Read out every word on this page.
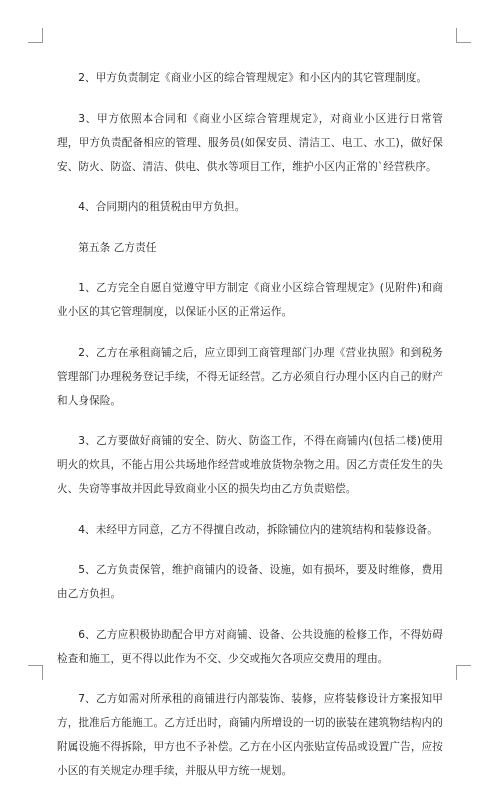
2、甲方负责制定《商业小区的综合管理规定》和小区内的其它管理制度。

3、甲方依照本合同和《商业小区综合管理规定》，对商业小区进行日常管理，甲方负责配备相应的管理、服务员(如保安员、清洁工、电工、水工)，做好保安、防火、防盗、清洁、供电、供水等项目工作，维护小区内正常的`经营秩序。

4、合同期内的租赁税由甲方负担。

第五条 乙方责任

1、乙方完全自愿自觉遵守甲方制定《商业小区综合管理规定》(见附件)和商业小区的其它管理制度，以保证小区的正常运作。

2、乙方在承租商铺之后，应立即到工商管理部门办理《营业执照》和到税务管理部门办理税务登记手续，不得无证经营。乙方必须自行办理小区内自己的财产和人身保险。

3、乙方要做好商铺的安全、防火、防盗工作，不得在商铺内(包括二楼)使用明火的炊具，不能占用公共场地作经营或堆放货物杂物之用。因乙方责任发生的失火、失窃等事故并因此导致商业小区的损失均由乙方负责赔偿。

4、未经甲方同意，乙方不得擅自改动，拆除铺位内的建筑结构和装修设备。

5、乙方负责保管，维护商铺内的设备、设施，如有损坏，要及时维修，费用由乙方负担。

6、乙方应积极协助配合甲方对商铺、设备、公共设施的检修工作，不得妨碍检查和施工，更不得以此作为不交、少交或拖欠各项应交费用的理由。

7、乙方如需对所承租的商铺进行内部装饰、装修，应将装修设计方案报知甲方，批准后方能施工。乙方迁出时，商铺内所增设的一切的嵌装在建筑物结构内的附属设施不得拆除，甲方也不予补偿。乙方在小区内张贴宣传品或设置广告，应按小区的有关规定办理手续，并服从甲方统一规划。
